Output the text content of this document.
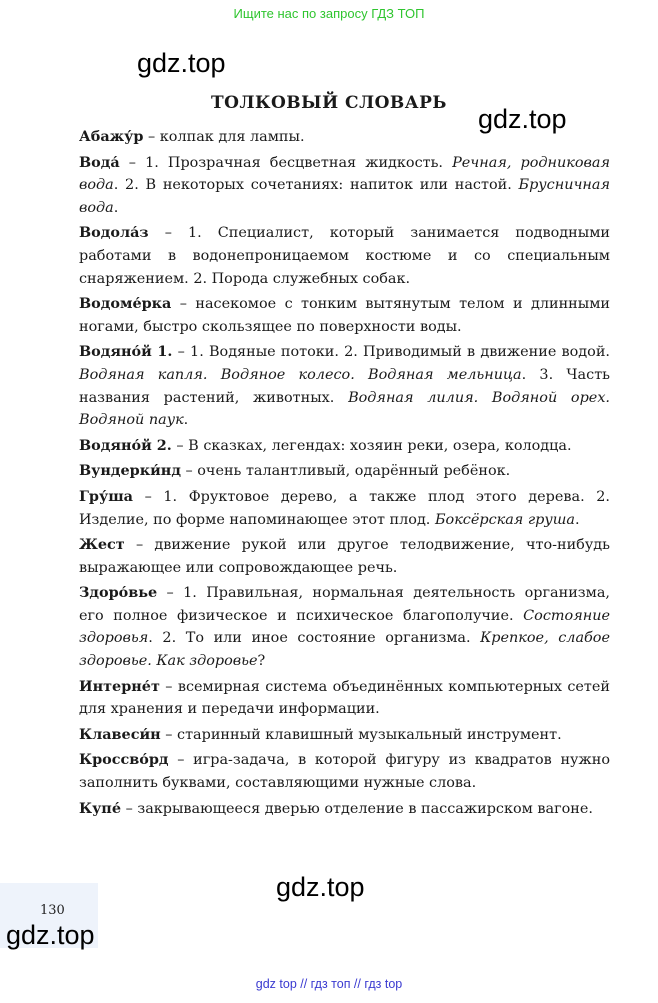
Ищите нас по запросу ГДЗ ТОП
gdz.top
gdz.top
gdz.top
ТОЛКОВЫЙ СЛОВАРЬ
Абажу́р – колпак для лампы.
Вода́ – 1. Прозрачная бесцветная жидкость. Речная, родниковая вода. 2. В некоторых сочетаниях: напиток или настой. Брусничная вода.
Водола́з – 1. Специалист, который занимается подводными работами в водонепроницаемом костюме и со специальным снаряжением. 2. Порода служебных собак.
Водоме́рка – насекомое с тонким вытянутым телом и длинными ногами, быстро скользящее по поверхности воды.
Водяно́й 1. – 1. Водяные потоки. 2. Приводимый в движение водой. Водяная капля. Водяное колесо. Водяная мельница. 3. Часть названия растений, животных. Водяная лилия. Водяной орех. Водяной паук.
Водяно́й 2. – В сказках, легендах: хозяин реки, озера, колодца.
Вундерки́нд – очень талантливый, одарённый ребёнок.
Гру́ша – 1. Фруктовое дерево, а также плод этого дерева. 2. Изделие, по форме напоминающее этот плод. Боксёрская груша.
Жест – движение рукой или другое телодвижение, что-нибудь выражающее или сопровождающее речь.
Здоро́вье – 1. Правильная, нормальная деятельность организма, его полное физическое и психическое благополучие. Состояние здоровья. 2. То или иное состояние организма. Крепкое, слабое здоровье. Как здоровье?
Интерне́т – всемирная система объединённых компьютерных сетей для хранения и передачи информации.
Клавеси́н – старинный клавишный музыкальный инструмент.
Кроссво́рд – игра-задача, в которой фигуру из квадратов нужно заполнить буквами, составляющими нужные слова.
Купе́ – закрывающееся дверью отделение в пассажирском вагоне.
130
gdz.top
gdz top // гдз топ // гдз top
